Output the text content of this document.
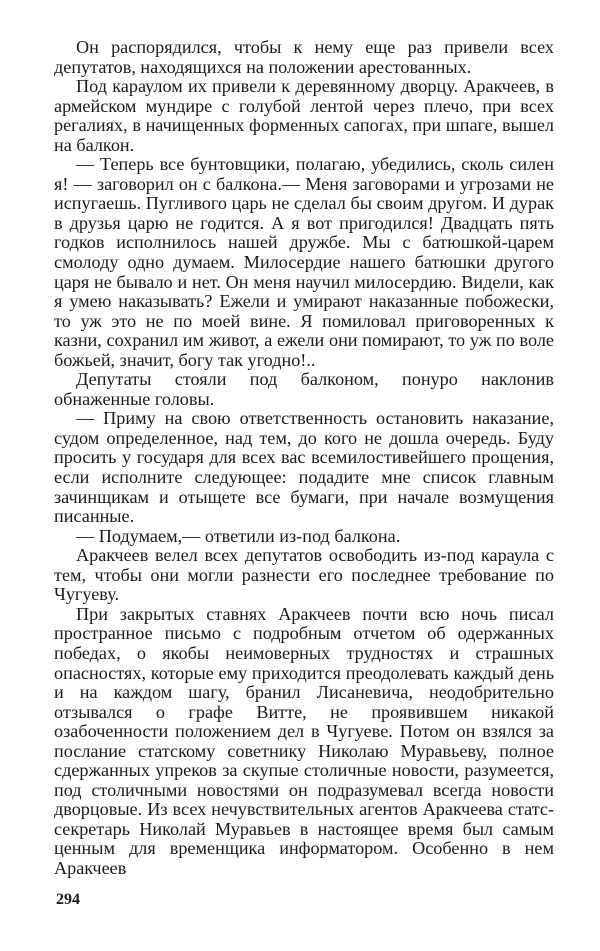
Он распорядился, чтобы к нему еще раз привели всех депутатов, находящихся на положении арестованных.

Под караулом их привели к деревянному дворцу. Аракчеев, в армейском мундире с голубой лентой через плечо, при всех регалиях, в начищенных форменных сапогах, при шпаге, вышел на балкон.

— Теперь все бунтовщики, полагаю, убедились, сколь силен я! — заговорил он с балкона.— Меня заговорами и угрозами не испугаешь. Пугливого царь не сделал бы своим другом. И дурак в друзья царю не годится. А я вот пригодился! Двадцать пять годков исполнилось нашей дружбе. Мы с батюшкой-царем смолоду одно думаем. Милосердие нашего батюшки другого царя не бывало и нет. Он меня научил милосердию. Видели, как я умею наказывать? Ежели и умирают наказанные побожески, то уж это не по моей вине. Я помиловал приговоренных к казни, сохранил им живот, а ежели они помирают, то уж по воле божьей, значит, богу так угодно!..

Депутаты стояли под балконом, понуро наклонив обнаженные головы.

— Приму на свою ответственность остановить наказание, судом определенное, над тем, до кого не дошла очередь. Буду просить у государя для всех вас всемилостивейшего прощения, если исполните следующее: подадите мне список главным зачинщикам и отыщете все бумаги, при начале возмущения писанные.

— Подумаем,— ответили из-под балкона.

Аракчеев велел всех депутатов освободить из-под караула с тем, чтобы они могли разнести его последнее требование по Чугуеву.

При закрытых ставнях Аракчеев почти всю ночь писал пространное письмо с подробным отчетом об одержанных победах, о якобы неимоверных трудностях и страшных опасностях, которые ему приходится преодолевать каждый день и на каждом шагу, бранил Лисаневича, неодобрительно отзывался о графе Витте, не проявившем никакой озабоченности положением дел в Чугуеве. Потом он взялся за послание статскому советнику Николаю Муравьеву, полное сдержанных упреков за скупые столичные новости, разумеется, под столичными новостями он подразумевал всегда новости дворцовые. Из всех нечувствительных агентов Аракчеева статс-секретарь Николай Муравьев в настоящее время был самым ценным для временщика информатором. Особенно в нем Аракчеев

294
